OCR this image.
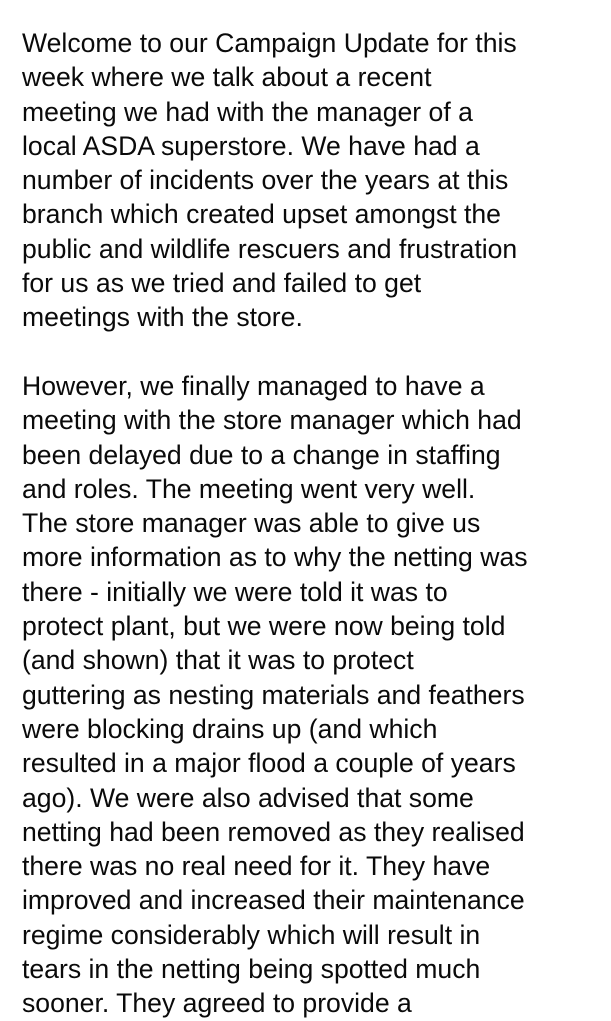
Welcome to our Campaign Update for this
week where we talk about a recent
meeting we had with the manager of a
local ASDA superstore. We have had a
number of incidents over the years at this
branch which created upset amongst the
public and wildlife rescuers and frustration
for us as we tried and failed to get
meetings with the store.
However, we finally managed to have a
meeting with the store manager which had
been delayed due to a change in staffing
and roles. The meeting went very well.
The store manager was able to give us
more information as to why the netting was
there - initially we were told it was to
protect plant, but we were now being told
(and shown) that it was to protect
guttering as nesting materials and feathers
were blocking drains up (and which
resulted in a major flood a couple of years
ago). We were also advised that some
netting had been removed as they realised
there was no real need for it. They have
improved and increased their maintenance
regime considerably which will result in
tears in the netting being spotted much
sooner. They agreed to provide a
